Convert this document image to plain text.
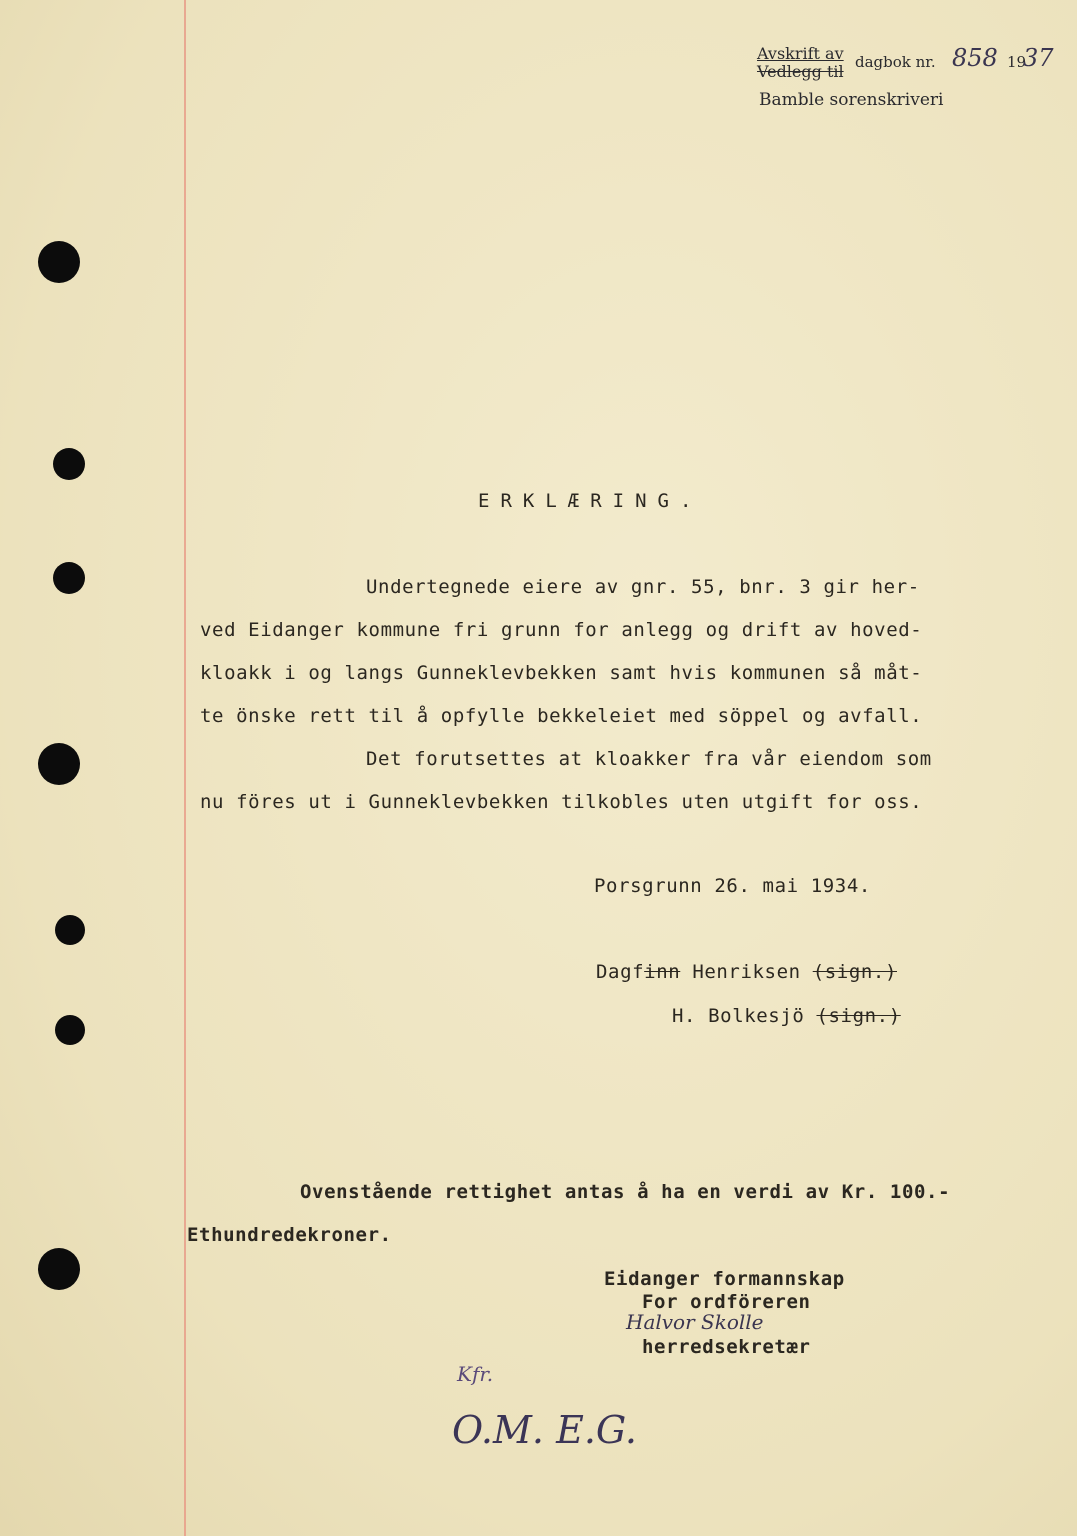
Avskrift av
Vedlegg til dagbok nr. 858 19
37
Bamble sorenskriveri
ERKLÆRING.
Undertegnede eiere av gnr. 55, bnr. 3 gir her-
ved Eidanger kommune fri grunn for anlegg og drift av hoved-
kloakk i og langs Gunneklevbekken samt hvis kommunen så måt-
te önske rett til å opfylle bekkeleiet med söppel og avfall.
Det forutsettes at kloakker fra vår eiendom som
nu föres ut i Gunneklevbekken tilkobles uten utgift for oss.
Porsgrunn 26. mai 1934.
Dagfinn Henriksen (sign.)
H. Bolkesjö (sign.)
Ovenstående rettighet antas å ha en verdi av Kr. 100.-
Ethundredekroner.
Eidanger formannskap
For ordföreren
Halvor Skolle
herredsekretær
Kfr.
O.M. E.G.
